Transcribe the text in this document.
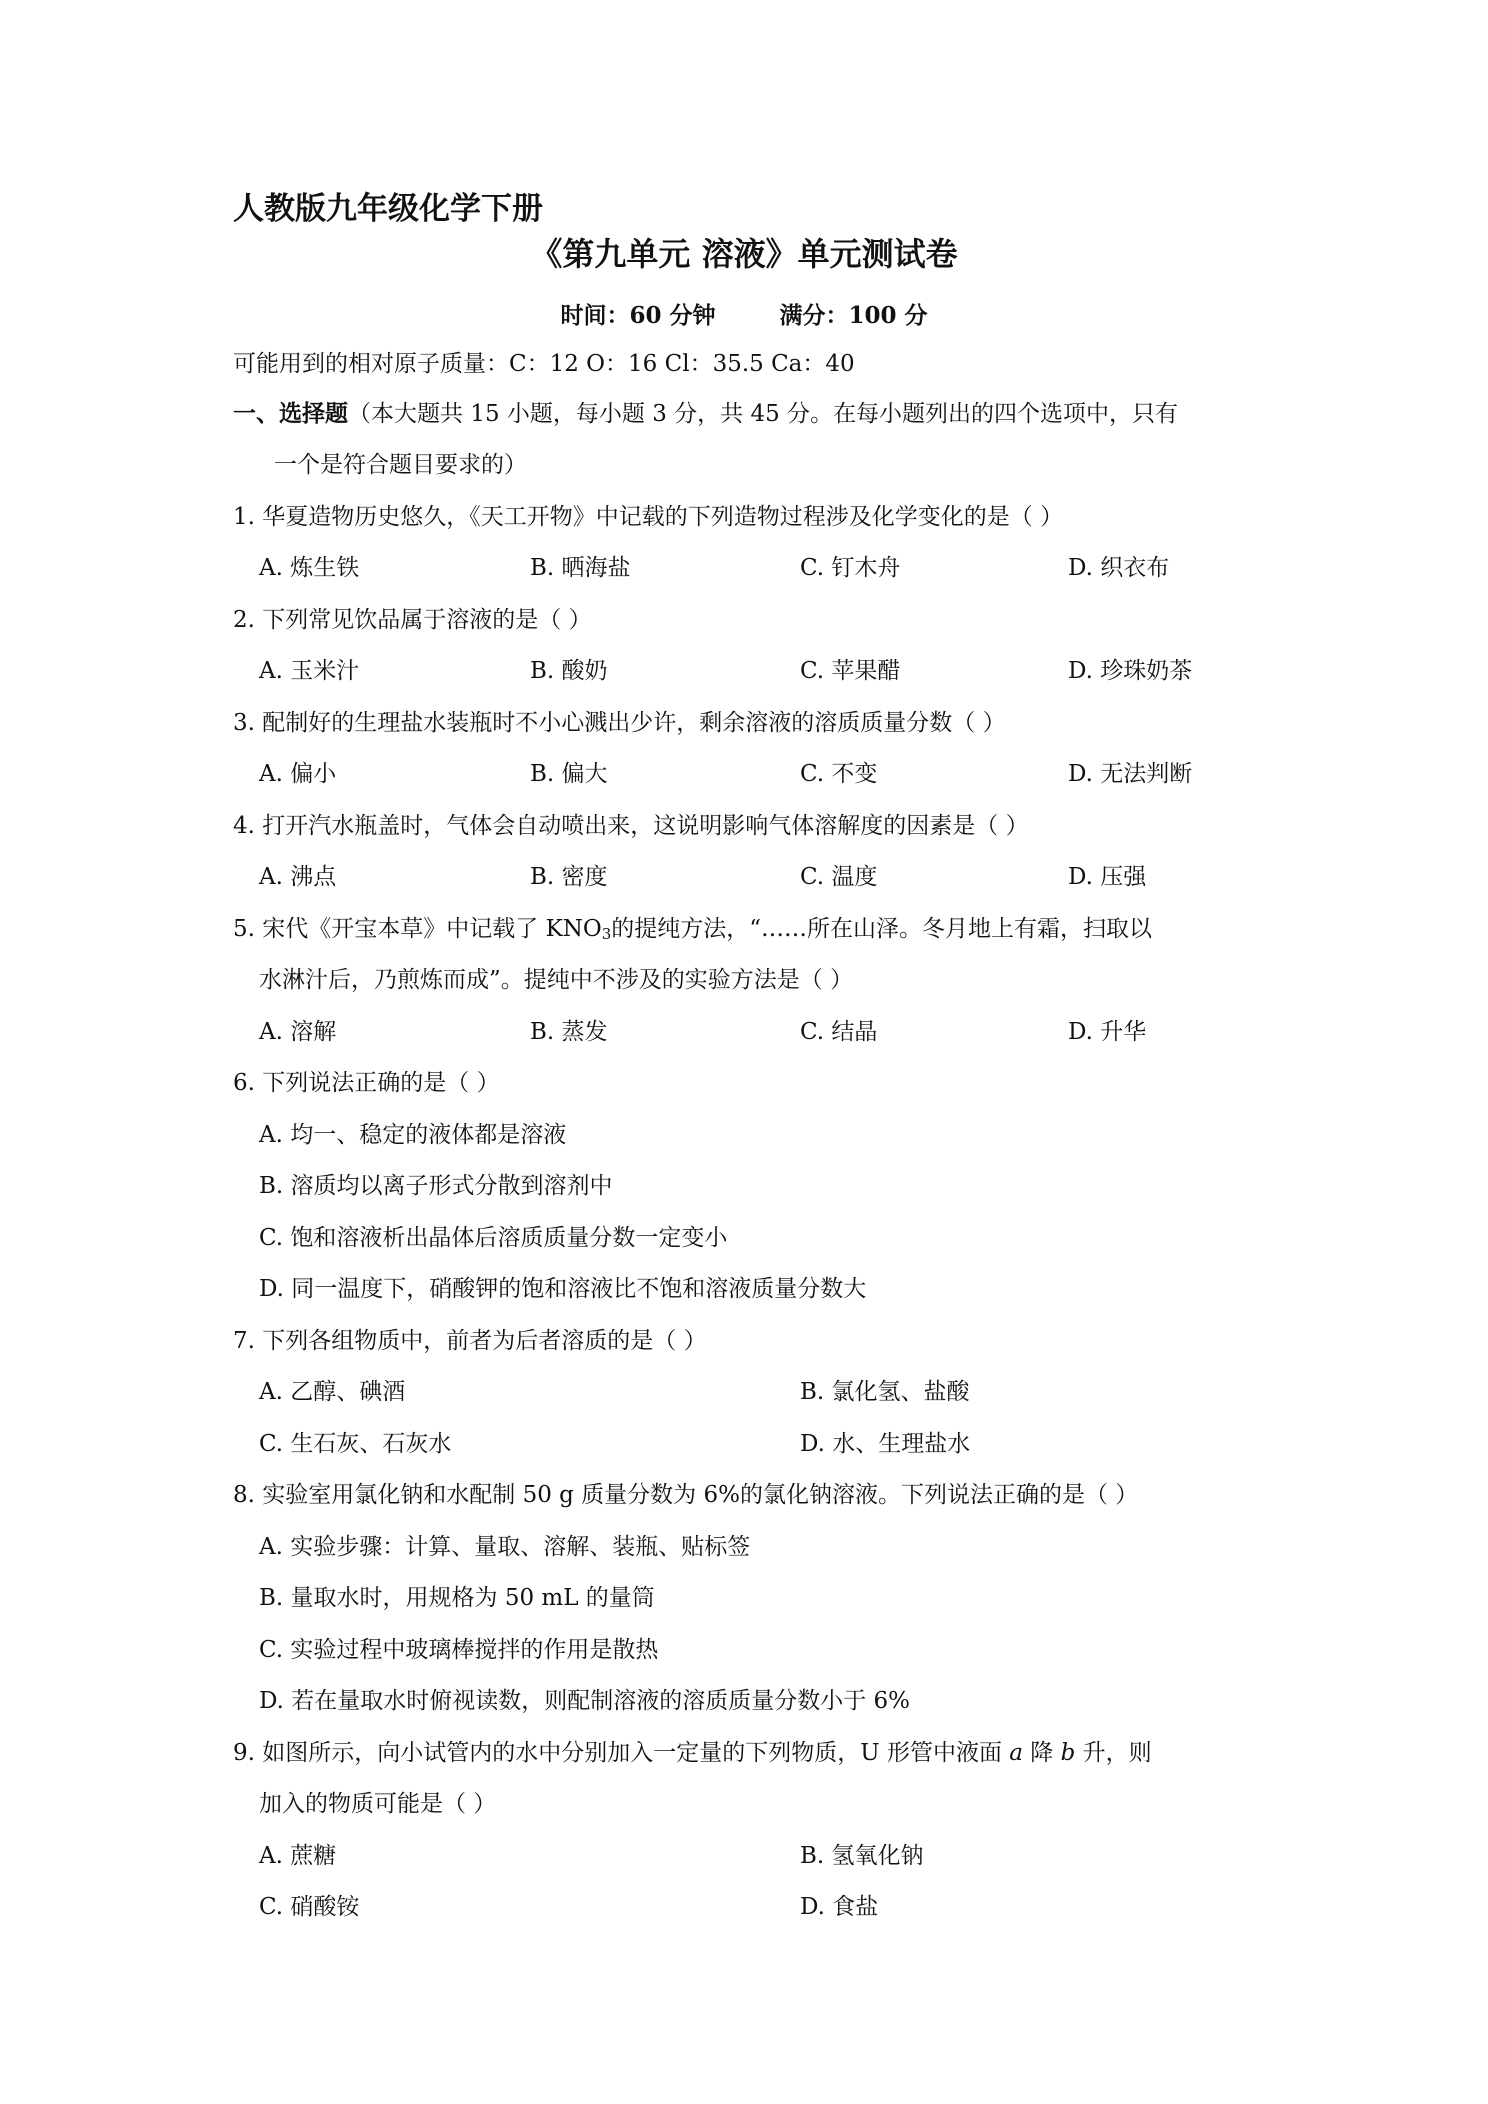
人教版九年级化学下册
《第九单元 溶液》单元测试卷
时间：60 分钟	满分：100 分
可能用到的相对原子质量：C：12 O：16 Cl：35.5 Ca：40
一、选择题（本大题共 15 小题，每小题 3 分，共 45 分。在每小题列出的四个选项中，只有
一个是符合题目要求的）
1. 华夏造物历史悠久，《天工开物》中记载的下列造物过程涉及化学变化的是（ ）
A. 炼生铁	B. 晒海盐	C. 钉木舟	D. 织衣布
2. 下列常见饮品属于溶液的是（ ）
A. 玉米汁	B. 酸奶	C. 苹果醋	D. 珍珠奶茶
3. 配制好的生理盐水装瓶时不小心溅出少许，剩余溶液的溶质质量分数（ ）
A. 偏小	B. 偏大	C. 不变	D. 无法判断
4. 打开汽水瓶盖时，气体会自动喷出来，这说明影响气体溶解度的因素是（ ）
A. 沸点	B. 密度	C. 温度	D. 压强
5. 宋代《开宝本草》中记载了 $KNO_3$的提纯方法，“……所在山泽。冬月地上有霜，扫取以
水淋汁后，乃煎炼而成”。提纯中不涉及的实验方法是（ ）
A. 溶解	B. 蒸发	C. 结晶	D. 升华
6. 下列说法正确的是（ ）
A. 均一、稳定的液体都是溶液
B. 溶质均以离子形式分散到溶剂中
C. 饱和溶液析出晶体后溶质质量分数一定变小
D. 同一温度下，硝酸钾的饱和溶液比不饱和溶液质量分数大
7. 下列各组物质中，前者为后者溶质的是（ ）
A. 乙醇、碘酒	B. 氯化氢、盐酸
C. 生石灰、石灰水	D. 水、生理盐水
8. 实验室用氯化钠和水配制 50 g 质量分数为 6%的氯化钠溶液。下列说法正确的是（ ）
A. 实验步骤：计算、量取、溶解、装瓶、贴标签
B. 量取水时，用规格为 50 mL 的量筒
C. 实验过程中玻璃棒搅拌的作用是散热
D. 若在量取水时俯视读数，则配制溶液的溶质质量分数小于 6%
9. 如图所示，向小试管内的水中分别加入一定量的下列物质，U 形管中液面 a 降 b 升，则
加入的物质可能是（ ）
A. 蔗糖	B. 氢氧化钠
C. 硝酸铵	D. 食盐
